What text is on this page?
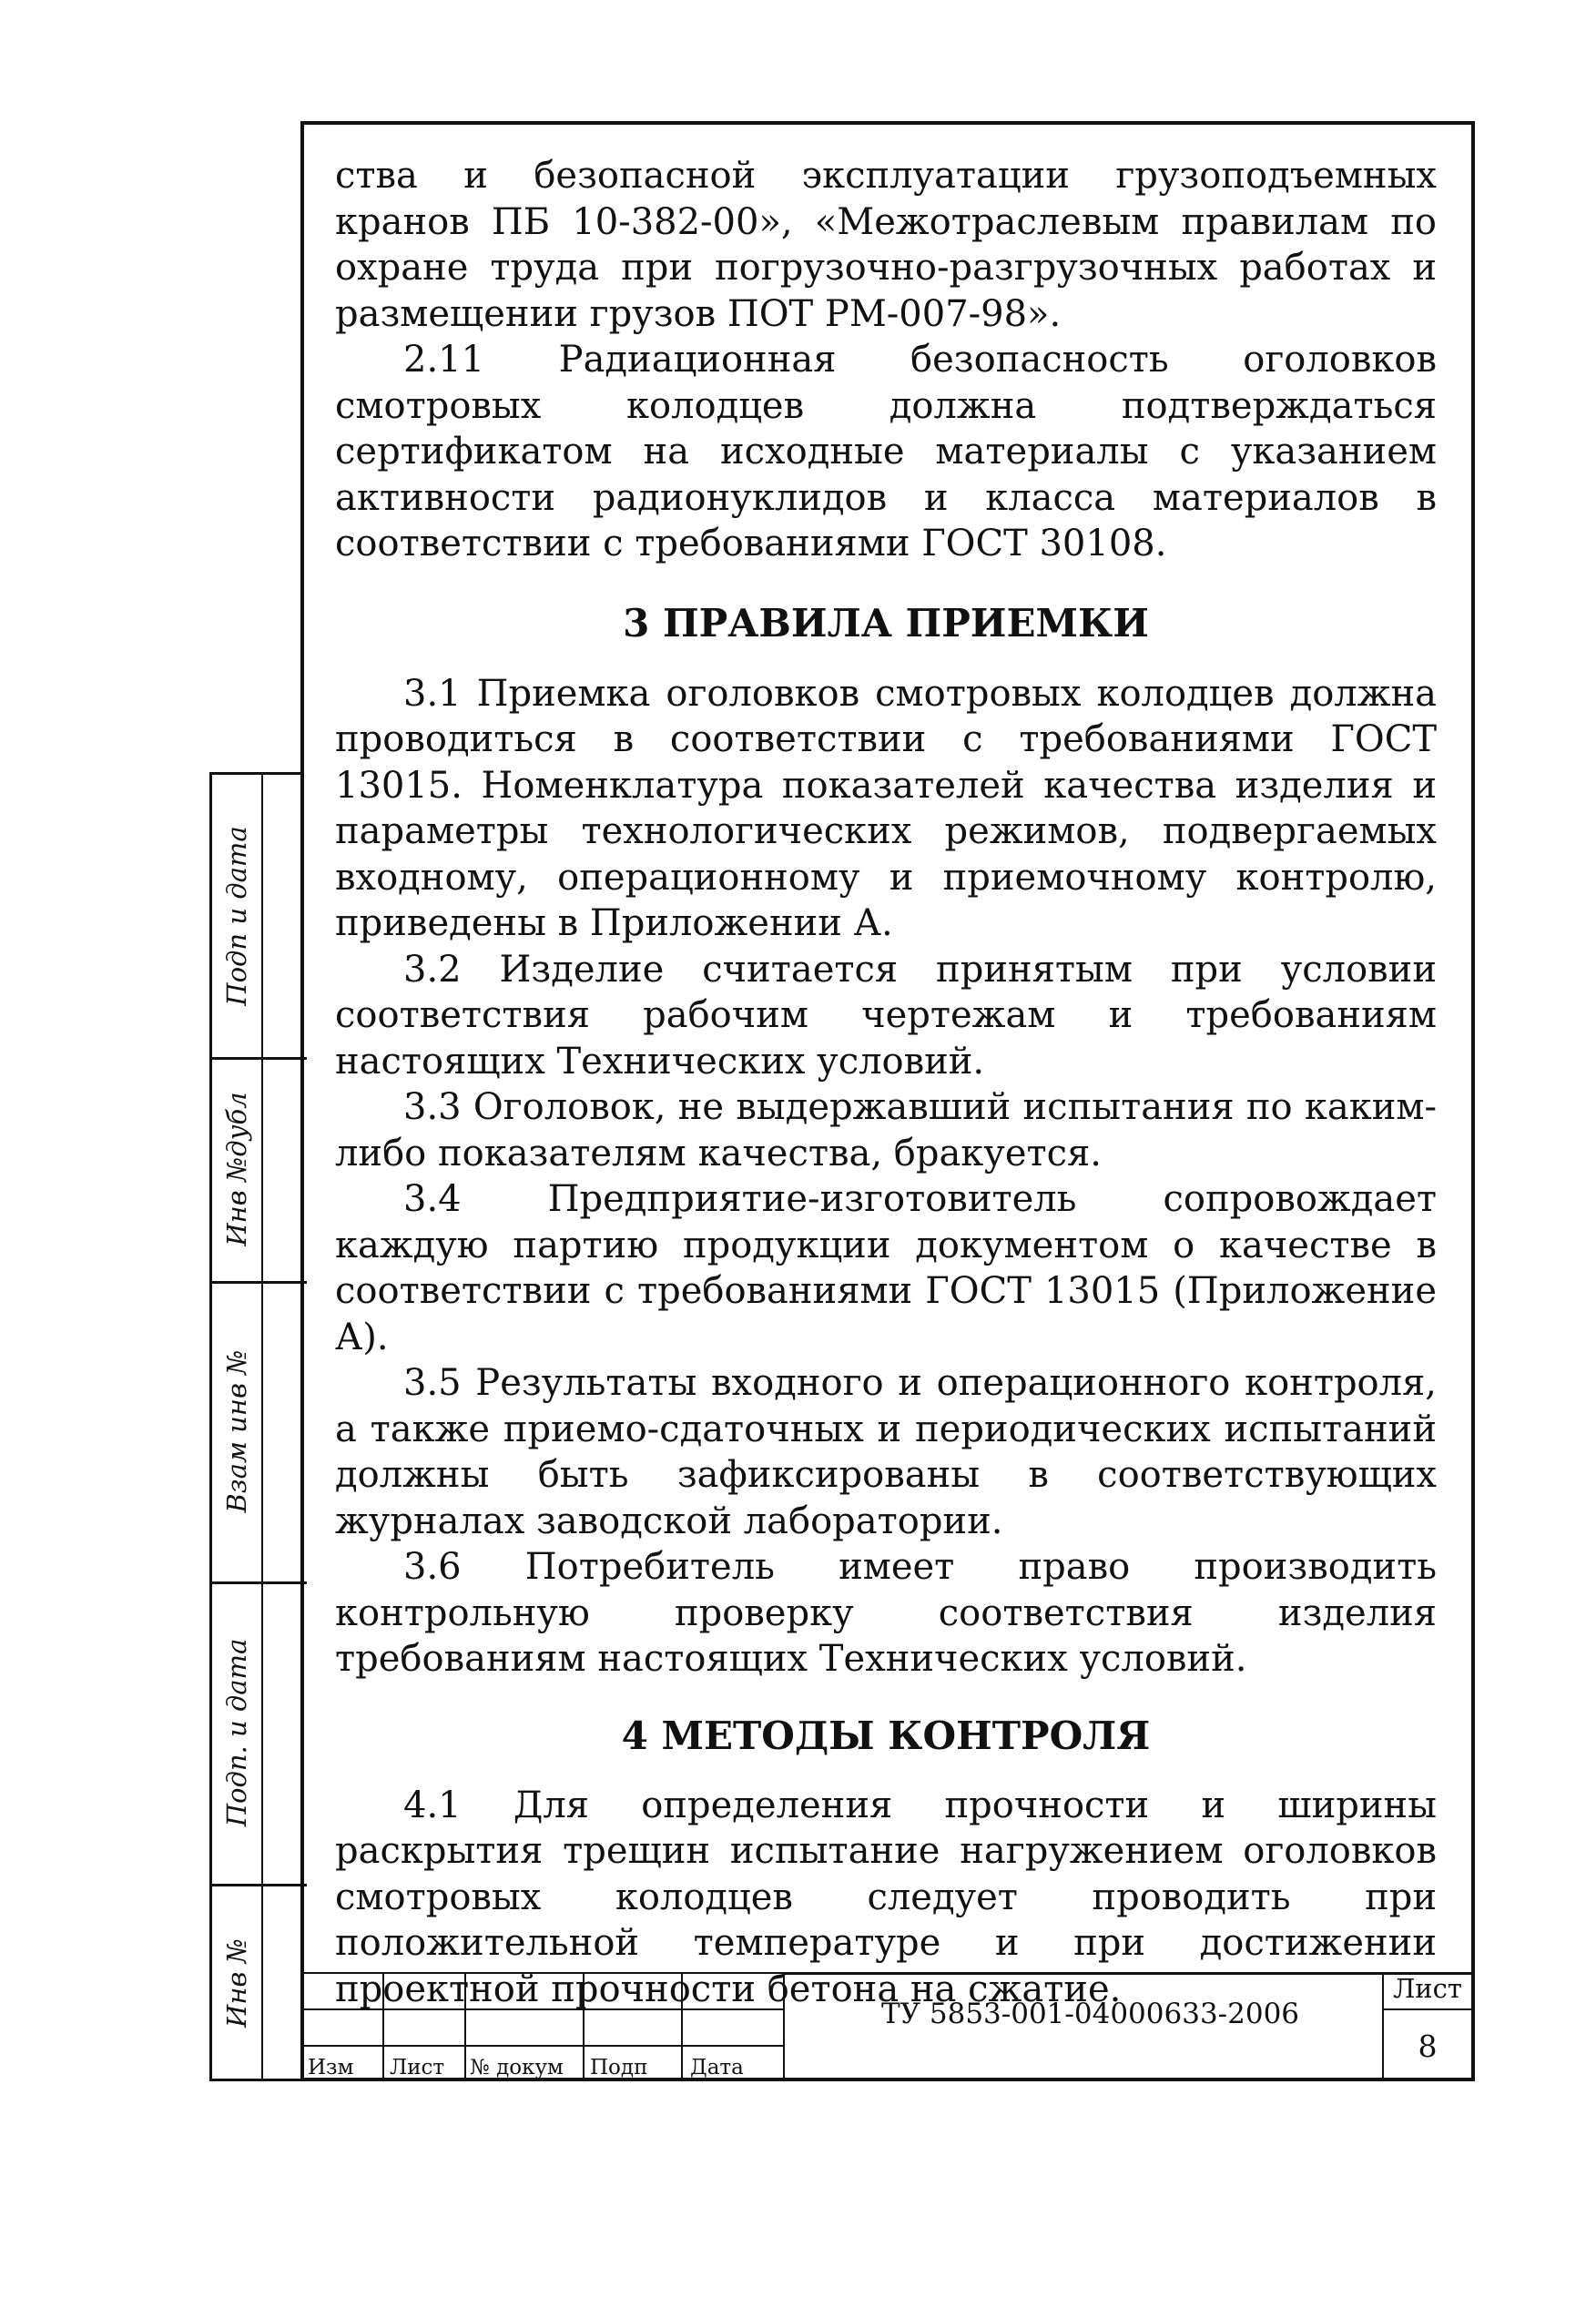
ства и безопасной эксплуатации грузоподъемных кранов ПБ 10-382-00», «Межотраслевым правилам по охране труда при погрузочно-разгрузочных работах и размещении грузов ПОТ РМ-007-98».

2.11 Радиационная безопасность оголовков смотровых колодцев должна подтверждаться сертификатом на исходные материалы с указанием активности радионуклидов и класса материалов в соответствии с требованиями ГОСТ 30108.

3 ПРАВИЛА ПРИЕМКИ

3.1 Приемка оголовков смотровых колодцев должна проводиться в соответствии с требованиями ГОСТ 13015. Номенклатура показателей качества изделия и параметры технологических режимов, подвергаемых входному, операционному и приемочному контролю, приведены в Приложении А.

3.2 Изделие считается принятым при условии соответствия рабочим чертежам и требованиям настоящих Технических условий.

3.3 Оголовок, не выдержавший испытания по каким-либо показателям качества, бракуется.

3.4 Предприятие-изготовитель сопровождает каждую партию продукции документом о качестве в соответствии с требованиями ГОСТ 13015 (Приложение А).

3.5 Результаты входного и операционного контроля, а также приемо-сдаточных и периодических испытаний должны быть зафиксированы в соответствующих журналах заводской лаборатории.

3.6 Потребитель имеет право производить контрольную проверку соответствия изделия требованиям настоящих Технических условий.

4 МЕТОДЫ КОНТРОЛЯ

4.1 Для определения прочности и ширины раскрытия трещин испытание нагружением оголовков смотровых колодцев следует проводить при положительной температуре и при достижении проектной прочности бетона на сжатие.

Подп и дата
Инв №дубл
Взам инв №
Подп. и дата
Инв №
Изм Лист № докум Подп Дата
ТУ 5853-001-04000633-2006
Лист
8
